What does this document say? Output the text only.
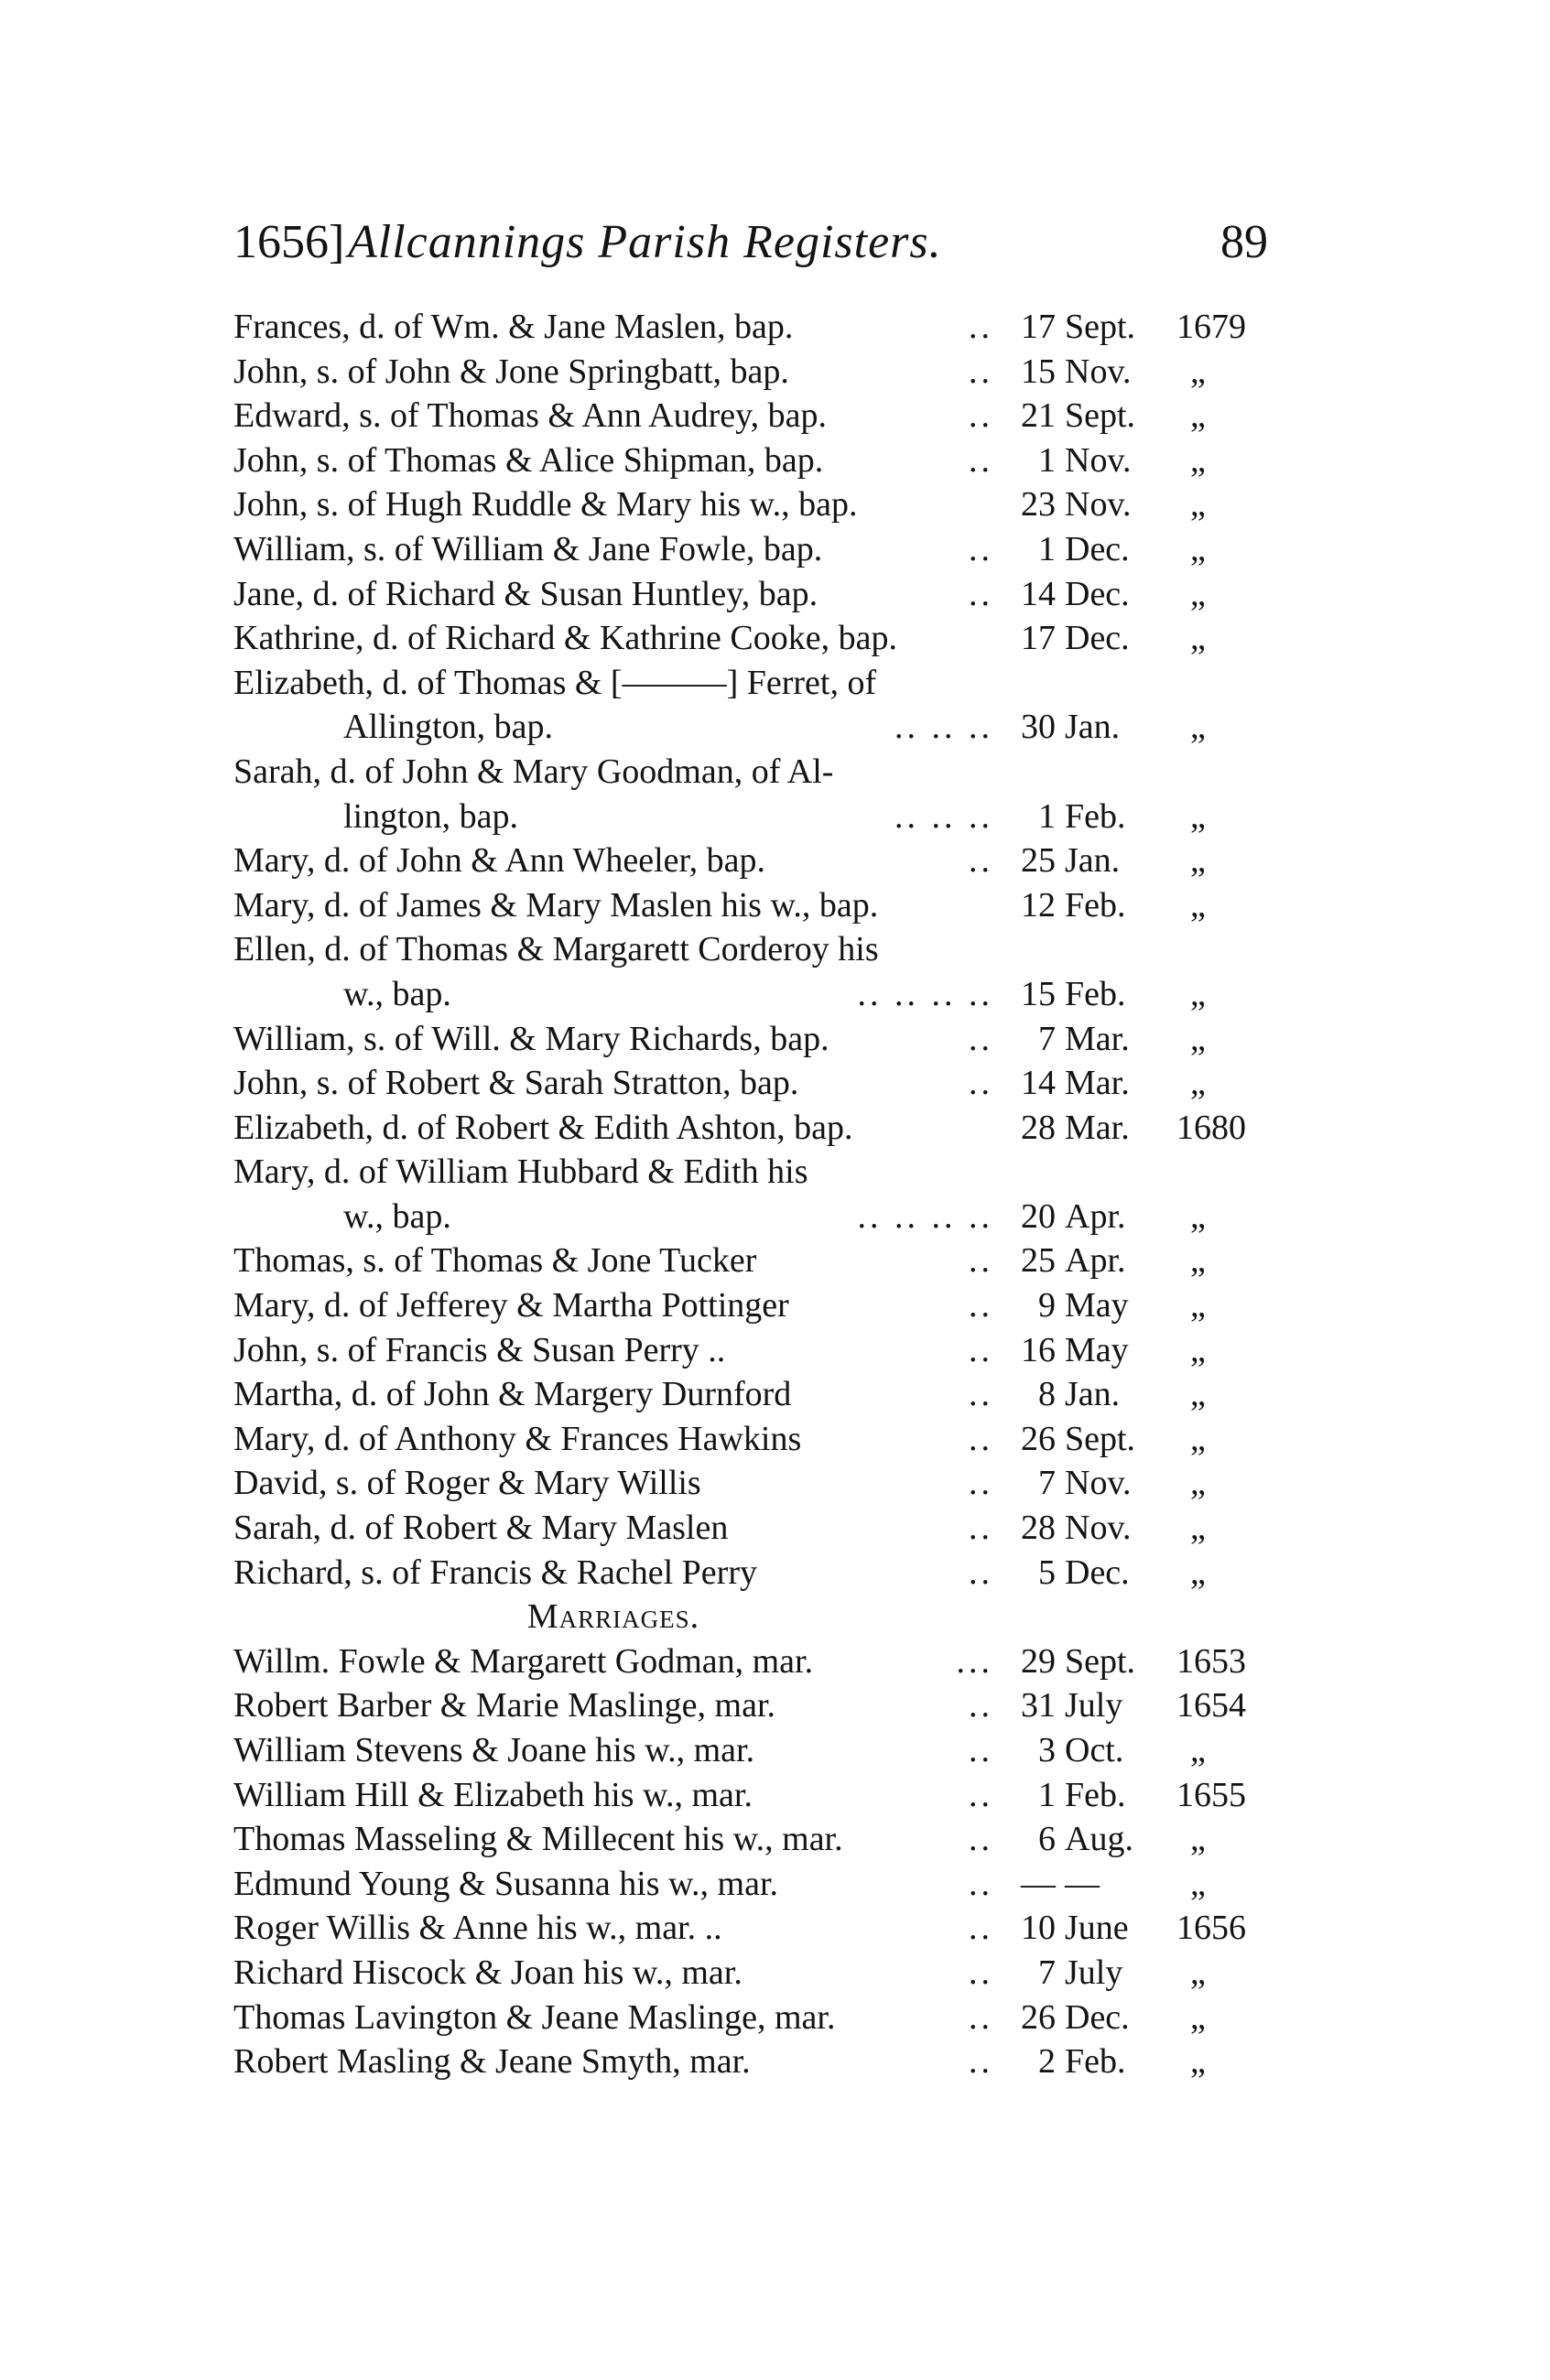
1656] Allcannings Parish Registers.	89
Frances, d. of Wm. & Jane Maslen, bap.	.. 17 Sept. 1679
John, s. of John & Jone Springbatt, bap.	.. 15 Nov. „
Edward, s. of Thomas & Ann Audrey, bap.	.. 21 Sept. „
John, s. of Thomas & Alice Shipman, bap.	..	1 Nov. „
John, s. of Hugh Ruddle & Mary his w., bap.	23 Nov. „
William, s. of William & Jane Fowle, bap.	..	1 Dec. „
Jane, d. of Richard & Susan Huntley, bap.	.. 14 Dec. „
Kathrine, d. of Richard & Kathrine Cooke, bap.	17 Dec. „
Elizabeth, d. of Thomas & [———] Ferret, of
Allington, bap.	.. .. .. 30 Jan. „
Sarah, d. of John & Mary Goodman, of Al-
lington, bap.	.. .. ..	1 Feb. „
Mary, d. of John & Ann Wheeler, bap.	.. 25 Jan. „
Mary, d. of James & Mary Maslen his w., bap.	12 Feb. „
Ellen, d. of Thomas & Margarett Corderoy his
w., bap.	.. .. .. .. 15 Feb. „
William, s. of Will. & Mary Richards, bap.	..	7 Mar. „
John, s. of Robert & Sarah Stratton, bap.	.. 14 Mar. „
Elizabeth, d. of Robert & Edith Ashton, bap.	28 Mar. 1680
Mary, d. of William Hubbard & Edith his
w., bap.	.. .. .. .. 20 Apr. „
Thomas, s. of Thomas & Jone Tucker	.. 25 Apr. „
Mary, d. of Jefferey & Martha Pottinger	..	9 May „
John, s. of Francis & Susan Perry ..	.. 16 May „
Martha, d. of John & Margery Durnford	..	8 Jan. „
Mary, d. of Anthony & Frances Hawkins	.. 26 Sept. „
David, s. of Roger & Mary Willis	..	7 Nov. „
Sarah, d. of Robert & Mary Maslen	.. 28 Nov. „
Richard, s. of Francis & Rachel Perry	..	5 Dec. „
Marriages.
Willm. Fowle & Margarett Godman, mar.	... 29 Sept. 1653
Robert Barber & Marie Maslinge, mar.	.. 31 July 1654
William Stevens & Joane his w., mar.	..	3 Oct. „
William Hill & Elizabeth his w., mar.	..	1 Feb. 1655
Thomas Masseling & Millecent his w., mar.	..	6 Aug. „
Edmund Young & Susanna his w., mar.	.. — —	„
Roger Willis & Anne his w., mar. ..	.. 10 June 1656
Richard Hiscock & Joan his w., mar.	..	7 July „
Thomas Lavington & Jeane Maslinge, mar.	.. 26 Dec. „
Robert Masling & Jeane Smyth, mar.	..	2 Feb. „
